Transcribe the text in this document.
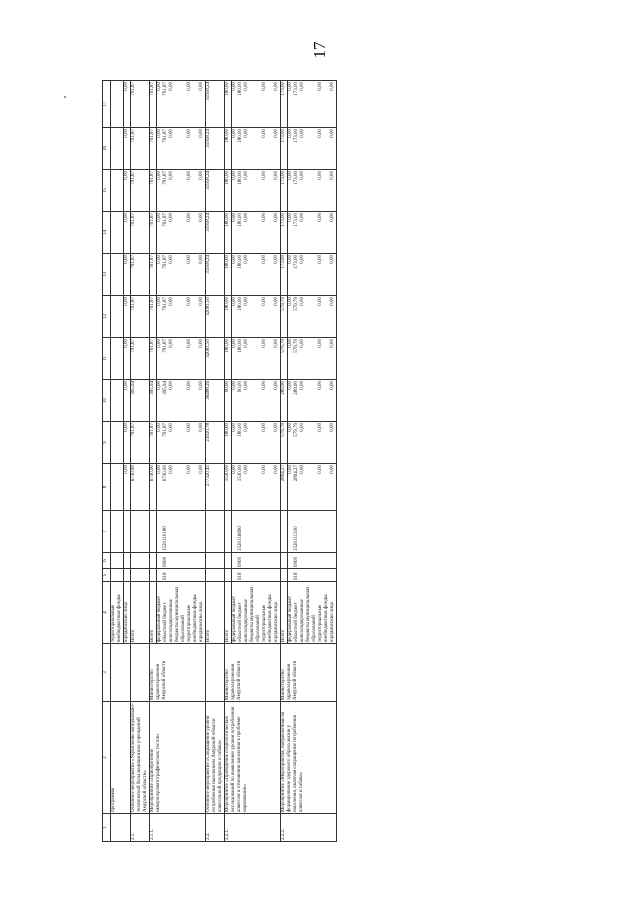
17
1	2	3	4	5	6	7	8	9	10	11	12	13	14	15	16	17
	программы		территориальные внебюджетные фонды													
			юридические лица				0,00	0,00	0,00	0,00	0,00	0,00	0,00	0,00	0,00	0,00
2.1.	Основное мероприятие «Укрепление материально-технической базы медицинских учреждений Амурской области»		Всего				6730,90	791,87	395,94	791,87	791,87	791,87	791,87	791,87	791,87	791,87
2.1.1.	Мероприятие «Приобретение иммунохроматографических тестов»	Министерство здравоохранения Амурской области	Всего				6730,90	791,87	395,94	791,87	791,87	791,87	791,87	791,87	791,87	791,87
			федеральный бюджет				0,00	0,00	0,00	0,00	0,00	0,00	0,00	0,00	0,00	0,00
			областной бюджет	918	0909	1520110180	6730,90	791,87	395,94	791,87	791,87	791,87	791,87	791,87	791,87	791,87
			консолидированные бюджеты муниципальных образований				0,00	0,00	0,00	0,00	0,00	0,00	0,00	0,00	0,00	0,00
			территориальные внебюджетные фонды				0,00	0,00	0,00	0,00	0,00	0,00	0,00	0,00	0,00	0,00
			юридические лица				0,00	0,00	0,00	0,00	0,00	0,00	0,00	0,00	0,00	0,00
2.2.	Основное мероприятие «Сокращение уровня потребления населением Амурской области алкогольной продукции и табака»		Всего				277320,45	23920,78	36488,26	32081,50	32081,50	31958,24	31958,24	31958,24	31958,24	31958,24
2.2.1.	Мероприятие «Проведение социологических исследований по выявлению уровня потребления алкоголя и отношения населения к проблеме наркомании»	Министерство здравоохранения Амурской области	Всего				1530,00	180,00	90,00	180,00	180,00	180,00	180,00	180,00	180,00	180,00
			федеральный бюджет				0,00	0,00	0,00	0,00	0,00	0,00	0,00	0,00	0,00	0,00
			областной бюджет	918	0909	1520116690	1530,00	180,00	90,00	180,00	180,00	180,00	180,00	180,00	180,00	180,00
			консолидированные бюджеты муниципальных образований				0,00	0,00	0,00	0,00	0,00	0,00	0,00	0,00	0,00	0,00
			территориальные внебюджетные фонды				0,00	0,00	0,00	0,00	0,00	0,00	0,00	0,00	0,00	0,00
			юридические лица				0,00	0,00	0,00	0,00	0,00	0,00	0,00	0,00	0,00	0,00
2.2.2.	Мероприятие «Мероприятия, направленные на формирование здорового образа жизни у населения, включая сокращение потребления алкоголя и табака»	Министерство здравоохранения Амурской области	Всего				2894,27	579,79	289,90	579,79	579,79	173,00	173,00	173,00	173,00	173,00
			федеральный бюджет				0,00	0,00	0,00	0,00	0,00	0,00	0,00	0,00	0,00	0,00
			областной бюджет	918	0909	1520111330	2894,27	579,79	289,90	579,79	579,79	173,00	173,00	173,00	173,00	173,00
			консолидированные бюджеты муниципальных образований				0,00	0,00	0,00	0,00	0,00	0,00	0,00	0,00	0,00	0,00
			территориальные внебюджетные фонды				0,00	0,00	0,00	0,00	0,00	0,00	0,00	0,00	0,00	0,00
			юридические лица				0,00	0,00	0,00	0,00	0,00	0,00	0,00	0,00	0,00	0,00
